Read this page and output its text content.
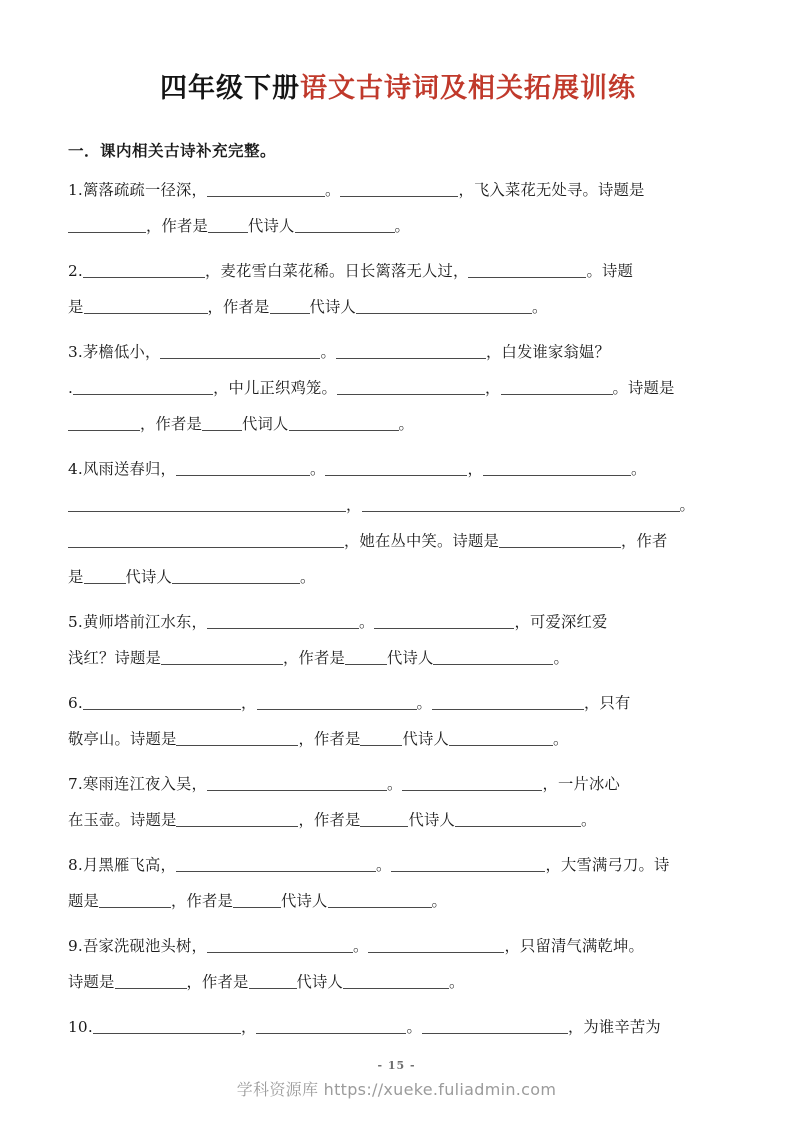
四年级下册语文古诗词及相关拓展训练
一．课内相关古诗补充完整。
1.篱落疏疏一径深，	。	，飞入菜花无处寻。诗题是
，作者是	代诗人	。
2.	，麦花雪白菜花稀。日长篱落无人过，	。诗题
是	，作者是	代诗人	。
3.茅檐低小，	。	，白发谁家翁媪？
.	，中儿正织鸡笼。	，	。诗题是
，作者是	代词人	。
4.风雨送春归，	。	，	。
，	。
，她在丛中笑。诗题是	，作者
是	代诗人	。
5.黄师塔前江水东，	。	，可爱深红爱
浅红？诗题是	，作者是	代诗人	。
6.	，	。	，只有
敬亭山。诗题是	，作者是	代诗人	。
7.寒雨连江夜入吴，	。	，一片冰心
在玉壶。诗题是	，作者是	代诗人	。
8.月黑雁飞高，	。	，大雪满弓刀。诗
题是	，作者是	代诗人	。
9.吾家洗砚池头树，	。	，只留清气满乾坤。
诗题是	，作者是	代诗人	。
10.	，	。	，为谁辛苦为
- 15 -
学科资源库 https://xueke.fuliadmin.com
